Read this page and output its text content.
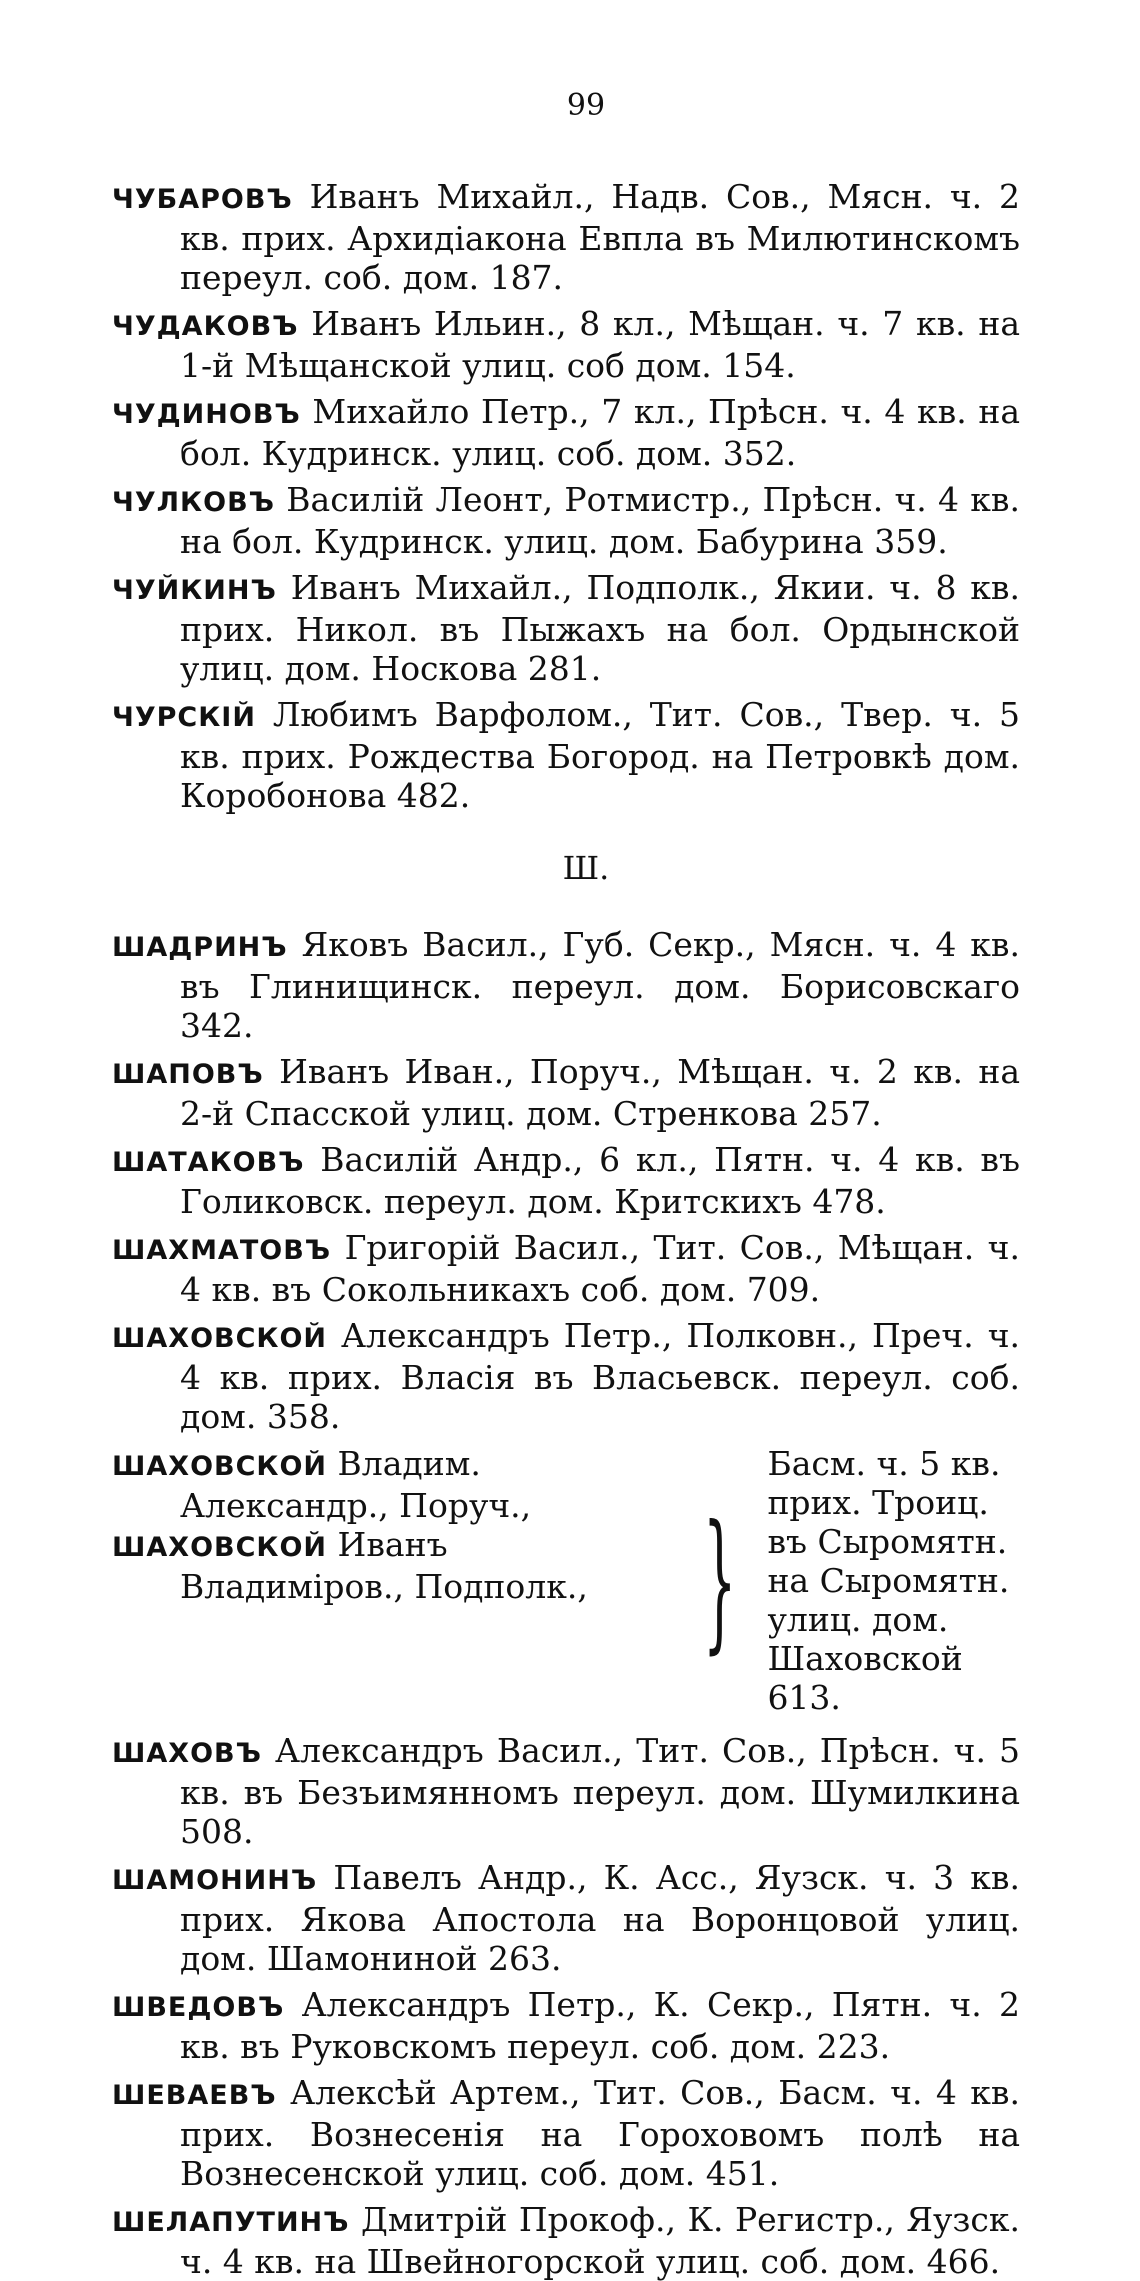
99

ЧУБАРОВЪ Иванъ Михайл., Надв. Сов., Мясн. ч. 2 кв. прих. Архидiакона Евпла въ Милютинскомъ переул. соб. дом. 187.

ЧУДАКОВЪ Иванъ Ильин., 8 кл., Мѣщан. ч. 7 кв. на 1-й Мѣщанской улиц. соб дом. 154.

ЧУДИНОВЪ Михайло Петр., 7 кл., Прѣсн. ч. 4 кв. на бол. Кудринск. улиц. соб. дом. 352.

ЧУЛКОВЪ Василiй Леонт, Ротмистр., Прѣсн. ч. 4 кв. на бол. Кудринск. улиц. дом. Бабурина 359.

ЧУЙКИНЪ Иванъ Михайл., Подполк., Якии. ч. 8 кв. прих. Никол. въ Пыжахъ на бол. Ордынской улиц. дом. Носкова 281.

ЧУРСКIЙ Любимъ Варфолом., Тит. Сов., Твер. ч. 5 кв. прих. Рождества Богород. на Петровкѣ дом. Коробонова 482.

Ш.

ШАДРИНЪ Яковъ Васил., Губ. Секр., Мясн. ч. 4 кв. въ Глинищинск. переул. дом. Борисовскаго 342.

ШАПОВЪ Иванъ Иван., Поруч., Мѣщан. ч. 2 кв. на 2-й Спасской улиц. дом. Стренкова 257.

ШАТАКОВЪ Василiй Андр., 6 кл., Пятн. ч. 4 кв. въ Голиковск. переул. дом. Критскихъ 478.

ШАХМАТОВЪ Григорiй Васил., Тит. Сов., Мѣщан. ч. 4 кв. въ Сокольникахъ соб. дом. 709.

ШАХОВСКОЙ Александръ Петр., Полковн., Преч. ч. 4 кв. прих. Власiя въ Власьевск. переул. соб. дом. 358.

ШАХОВСКОЙ Владим. Александр., Поруч.,

ШАХОВСКОЙ Иванъ Владимiров., Подполк., }
Басм. ч. 5 кв. прих. Троиц. въ Сыромятн. на Сыромятн. улиц. дом. Шаховской 613.

ШАХОВЪ Александръ Васил., Тит. Сов., Прѣсн. ч. 5 кв. въ Безъимянномъ переул. дом. Шумилкина 508.

ШАМОНИНЪ Павелъ Андр., К. Асс., Яузск. ч. 3 кв. прих. Якова Апостола на Воронцовой улиц. дом. Шамониной 263.

ШВЕДОВЪ Александръ Петр., К. Секр., Пятн. ч. 2 кв. въ Руковскомъ переул. соб. дом. 223.

ШЕВАЕВЪ Алексѣй Артем., Тит. Сов., Басм. ч. 4 кв. прих. Вознесенiя на Гороховомъ полѣ на Вознесенской улиц. соб. дом. 451.

ШЕЛАПУТИНЪ Дмитрiй Прокоф., К. Регистр., Яузск. ч. 4 кв. на Швейногорской улиц. соб. дом. 466.
